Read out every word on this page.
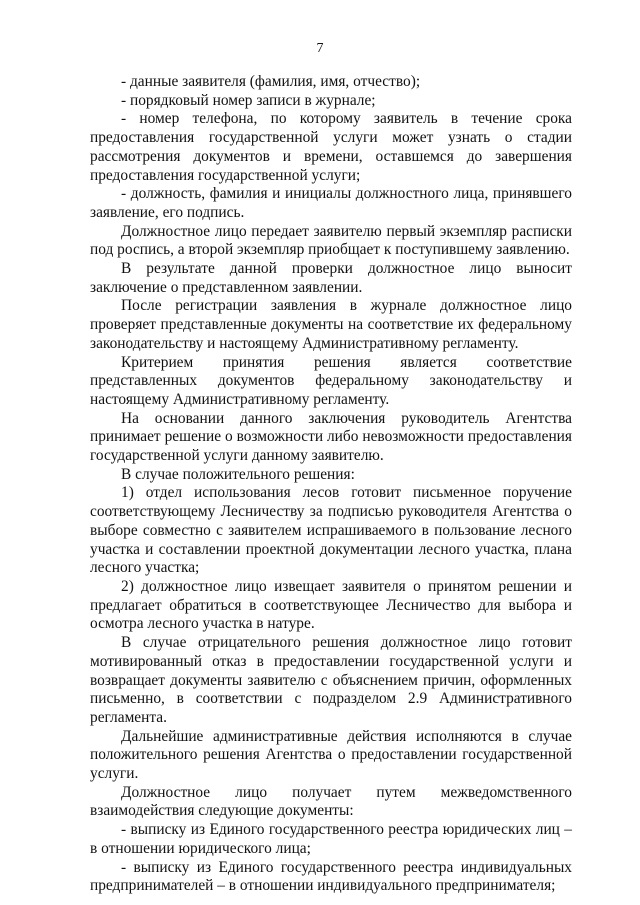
7

- данные заявителя (фамилия, имя, отчество);

- порядковый номер записи в журнале;

- номер телефона, по которому заявитель в течение срока предоставления государственной услуги может узнать о стадии рассмотрения документов и времени, оставшемся до завершения предоставления государственной услуги;

- должность, фамилия и инициалы должностного лица, принявшего заявление, его подпись.

Должностное лицо передает заявителю первый экземпляр расписки под роспись, а второй экземпляр приобщает к поступившему заявлению.

В результате данной проверки должностное лицо выносит заключение о представленном заявлении.

После регистрации заявления в журнале должностное лицо проверяет представленные документы на соответствие их федеральному законодательству и настоящему Административному регламенту.

Критерием принятия решения является соответствие представленных документов федеральному законодательству и настоящему Административному регламенту.

На основании данного заключения руководитель Агентства принимает решение о возможности либо невозможности предоставления государственной услуги данному заявителю.

В случае положительного решения:

1) отдел использования лесов готовит письменное поручение соответствующему Лесничеству за подписью руководителя Агентства о выборе совместно с заявителем испрашиваемого в пользование лесного участка и составлении проектной документации лесного участка, плана лесного участка;

2) должностное лицо извещает заявителя о принятом решении и предлагает обратиться в соответствующее Лесничество для выбора и осмотра лесного участка в натуре.

В случае отрицательного решения должностное лицо готовит мотивированный отказ в предоставлении государственной услуги и возвращает документы заявителю с объяснением причин, оформленных письменно, в соответствии с подразделом 2.9 Административного регламента.

Дальнейшие административные действия исполняются в случае положительного решения Агентства о предоставлении государственной услуги.

Должностное лицо получает путем межведомственного взаимодействия следующие документы:

- выписку из Единого государственного реестра юридических лиц – в отношении юридического лица;

- выписку из Единого государственного реестра индивидуальных предпринимателей – в отношении индивидуального предпринимателя;
